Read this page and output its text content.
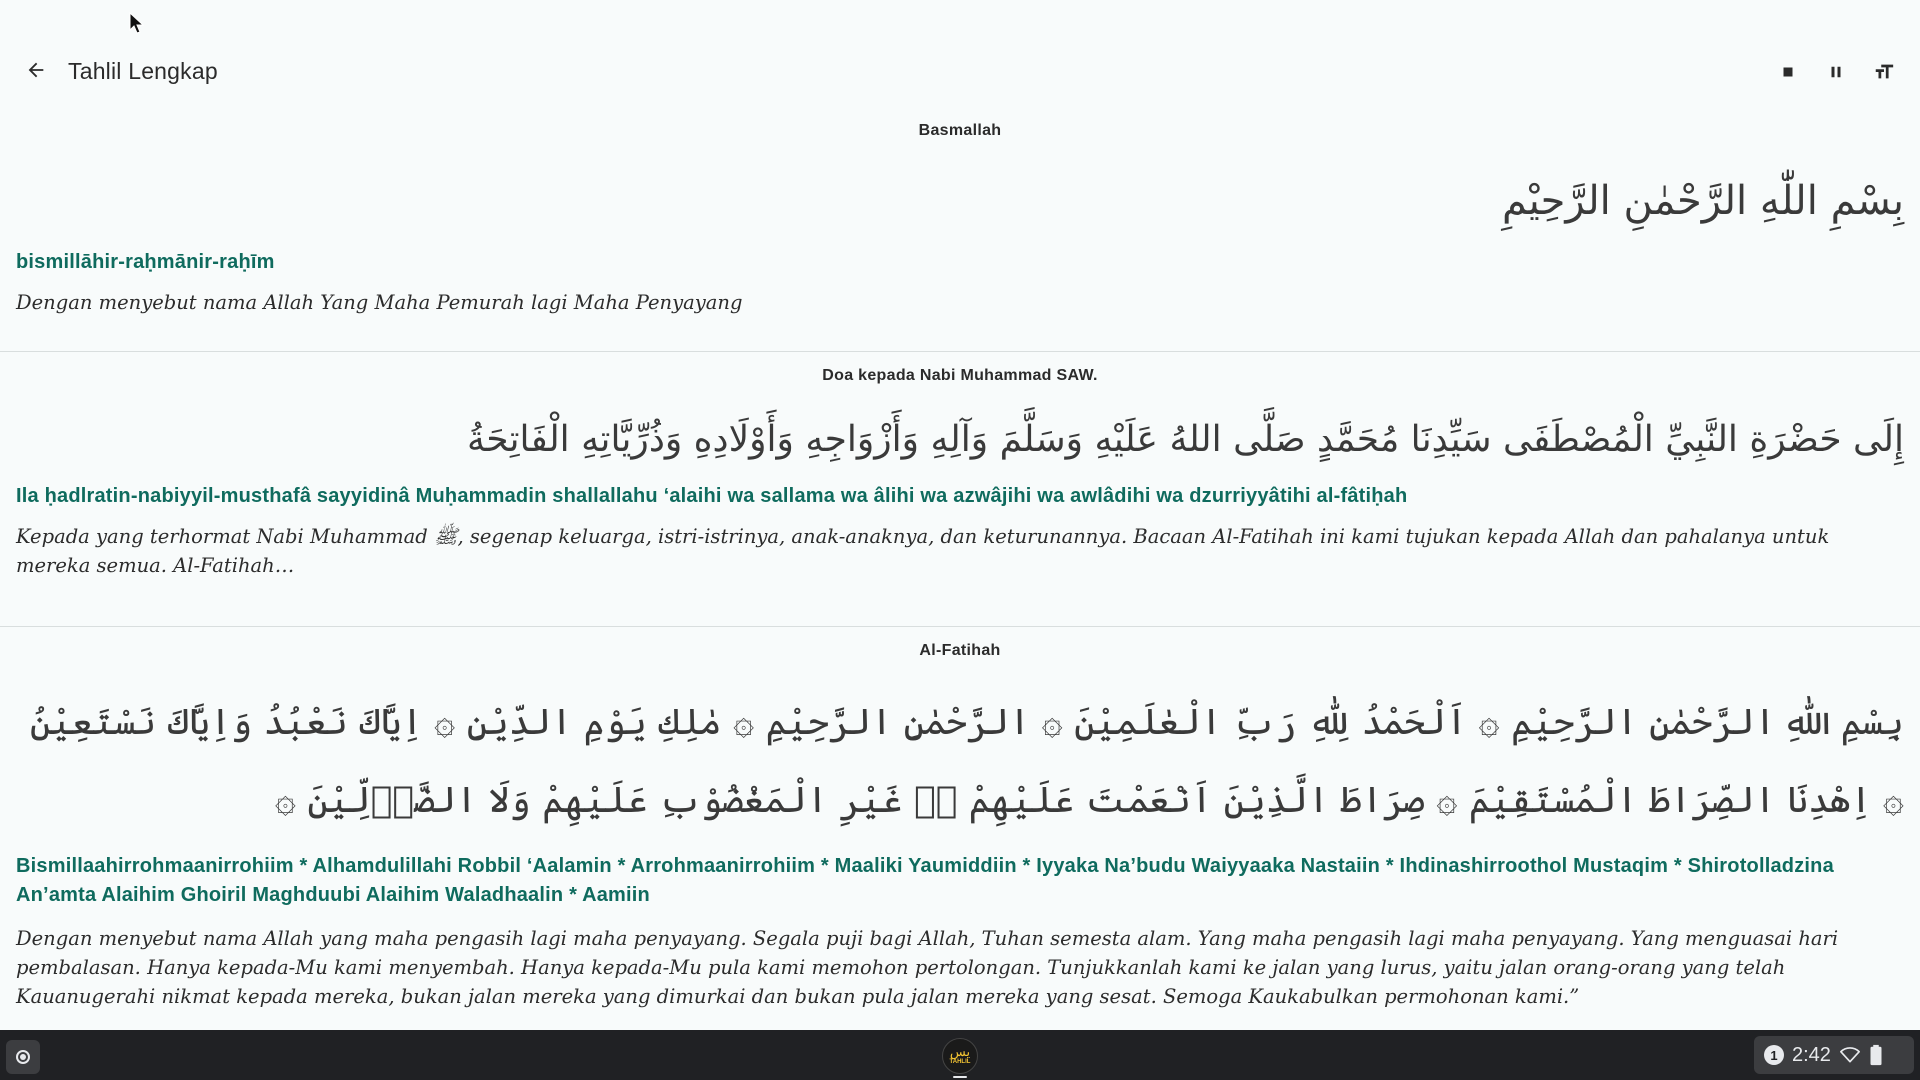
Tahlil Lengkap
Basmallah
بِسْمِ اللّٰهِ الرَّحْمٰنِ الرَّحِيْمِ
bismillāhir-raḥmānir-raḥīm
Dengan menyebut nama Allah Yang Maha Pemurah lagi Maha Penyayang
Doa kepada Nabi Muhammad SAW.
إِلَى حَضْرَةِ النَّبِيِّ الْمُصْطَفَى سَيِّدِنَا مُحَمَّدٍ صَلَّى اللهُ عَلَيْهِ وَسَلَّمَ وَآلِهِ وَأَزْوَاجِهِ وَأَوْلَادِهِ وَذُرِّيَّاتِهِ الْفَاتِحَةُ
Ila ḥadlratin-nabiyyil-musthafâ sayyidinâ Muḥammadin shallallahu ‘alaihi wa sallama wa âlihi wa azwâjihi wa awlâdihi wa dzurriyyâtihi al-fâtiḥah
Kepada yang terhormat Nabi Muhammad ﷺ, segenap keluarga, istri-istrinya, anak-anaknya, dan keturunannya. Bacaan Al-Fatihah ini kami tujukan kepada Allah dan pahalanya untuk mereka semua. Al-Fatihah…
Al-Fatihah
بِسْمِ اللّٰهِ الرَّحْمٰنِ الرَّحِيْمِ ۞ اَلْحَمْدُ لِلّٰهِ رَبِّ الْعٰلَمِيْنَ ۞ الرَّحْمٰنِ الرَّحِيْمِ ۞ مٰلِكِ يَوْمِ الدِّيْنِ ۞ اِيَّاكَ نَعْبُدُ وَاِيَّاكَ نَسْتَعِيْنُ ۞ اِهْدِنَا الصِّرَاطَ الْمُسْتَقِيْمَ ۞ صِرَاطَ الَّذِيْنَ اَنْعَمْتَ عَلَيْهِمْ ەۙ غَيْرِ الْمَغْضُوْبِ عَلَيْهِمْ وَلَا الضَّاۤلِّيْنَ ۞
Bismillaahirrohmaanirrohiim * Alhamdulillahi Robbil ‘Aalamin * Arrohmaanirrohiim * Maaliki Yaumiddiin * Iyyaka Na’budu Waiyyaaka Nastaiin * Ihdinashirroothol Mustaqim * Shirotolladzina An’amta Alaihim Ghoiril Maghduubi Alaihim Waladhaalin * Aamiin
Dengan menyebut nama Allah yang maha pengasih lagi maha penyayang. Segala puji bagi Allah, Tuhan semesta alam. Yang maha pengasih lagi maha penyayang. Yang menguasai hari pembalasan. Hanya kepada-Mu kami menyembah. Hanya kepada-Mu pula kami memohon pertolongan. Tunjukkanlah kami ke jalan yang lurus, yaitu jalan orang-orang yang telah Kauanugerahi nikmat kepada mereka, bukan jalan mereka yang dimurkai dan bukan pula jalan mereka yang sesat. Semoga Kaukabulkan permohonan kami.”
يس
TAHLIL	1 2:42
